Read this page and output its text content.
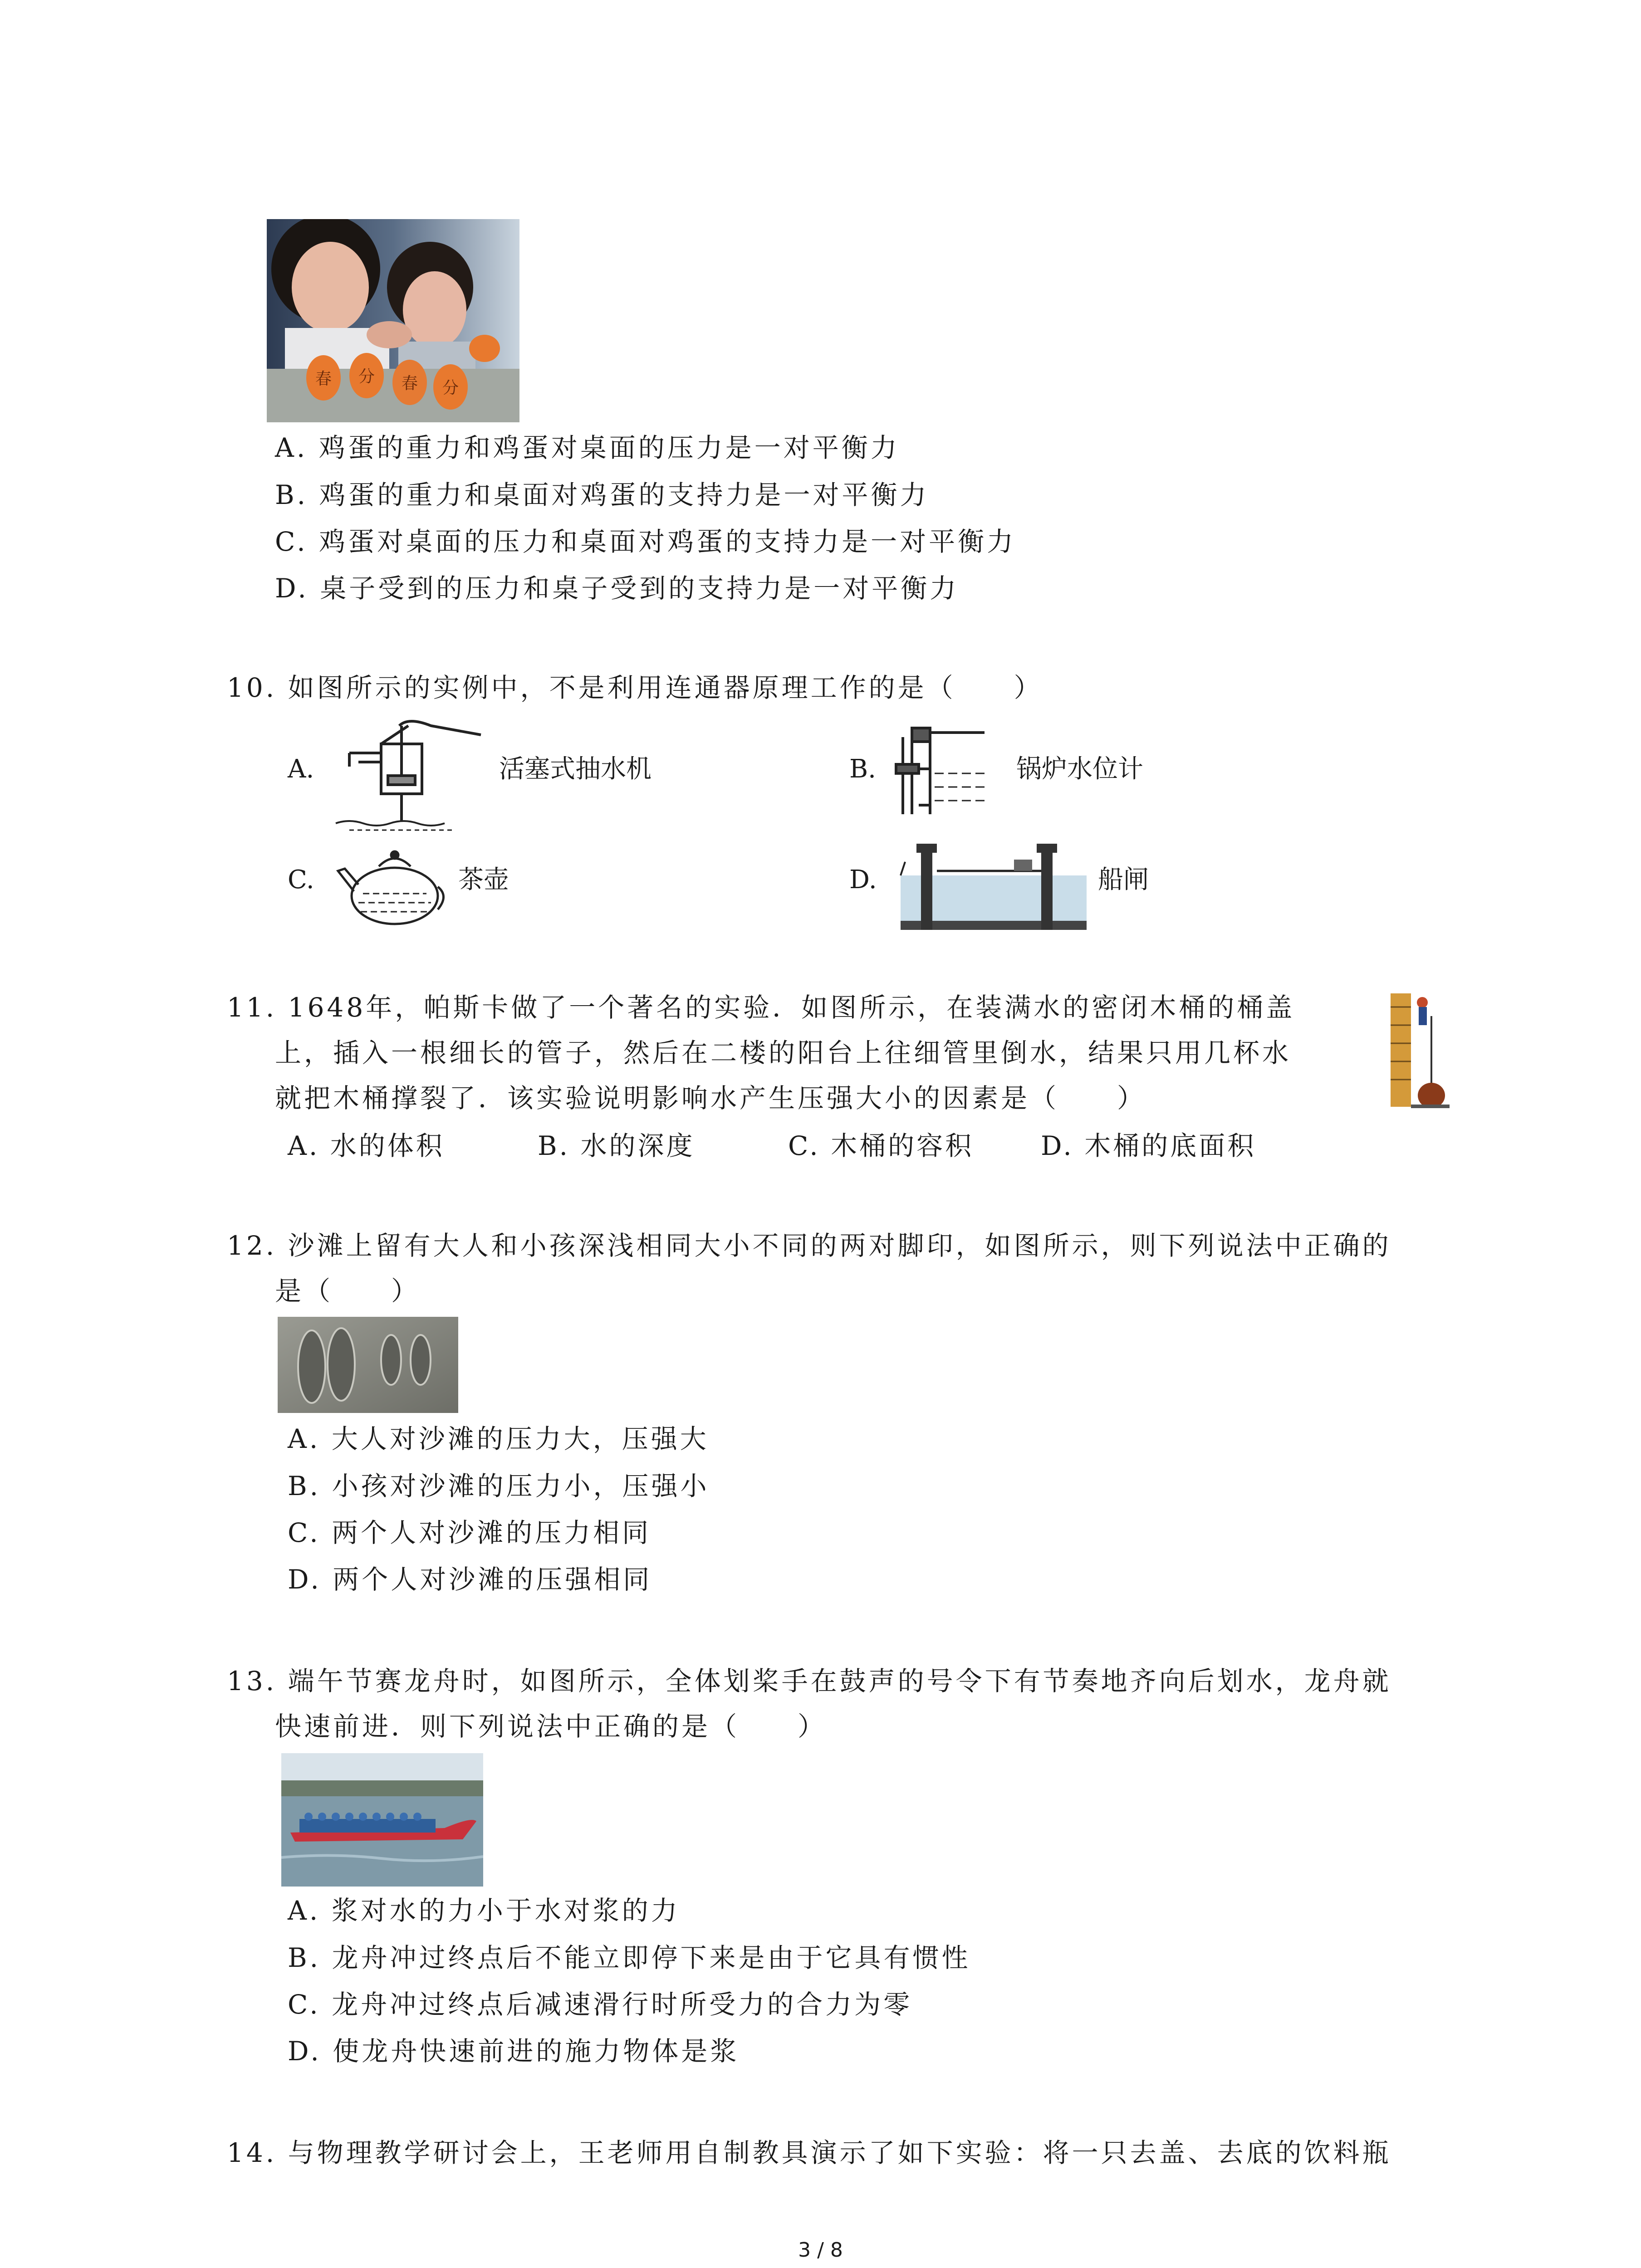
春 分 春 分
A. 鸡蛋的重力和鸡蛋对桌面的压力是一对平衡力
B. 鸡蛋的重力和桌面对鸡蛋的支持力是一对平衡力
C. 鸡蛋对桌面的压力和桌面对鸡蛋的支持力是一对平衡力
D. 桌子受到的压力和桌子受到的支持力是一对平衡力
10. 如图所示的实例中，不是利用连通器原理工作的是（　　）
A.	活塞式抽水机	B.	锅炉水位计
C.	茶壶	D.	船闸
11. 1648年，帕斯卡做了一个著名的实验．如图所示，在装满水的密闭木桶的桶盖
上，插入一根细长的管子，然后在二楼的阳台上往细管里倒水，结果只用几杯水
就把木桶撑裂了．该实验说明影响水产生压强大小的因素是（　　）
A. 水的体积	B. 水的深度	C. 木桶的容积	D. 木桶的底面积
12. 沙滩上留有大人和小孩深浅相同大小不同的两对脚印，如图所示，则下列说法中正确的
是（　　）
A. 大人对沙滩的压力大，压强大
B. 小孩对沙滩的压力小，压强小
C. 两个人对沙滩的压力相同
D. 两个人对沙滩的压强相同
13. 端午节赛龙舟时，如图所示，全体划桨手在鼓声的号令下有节奏地齐向后划水，龙舟就
快速前进．则下列说法中正确的是（　　）
A. 浆对水的力小于水对浆的力
B. 龙舟冲过终点后不能立即停下来是由于它具有惯性
C. 龙舟冲过终点后减速滑行时所受力的合力为零
D. 使龙舟快速前进的施力物体是浆
14. 与物理教学研讨会上，王老师用自制教具演示了如下实验：将一只去盖、去底的饮料瓶
3 / 8
